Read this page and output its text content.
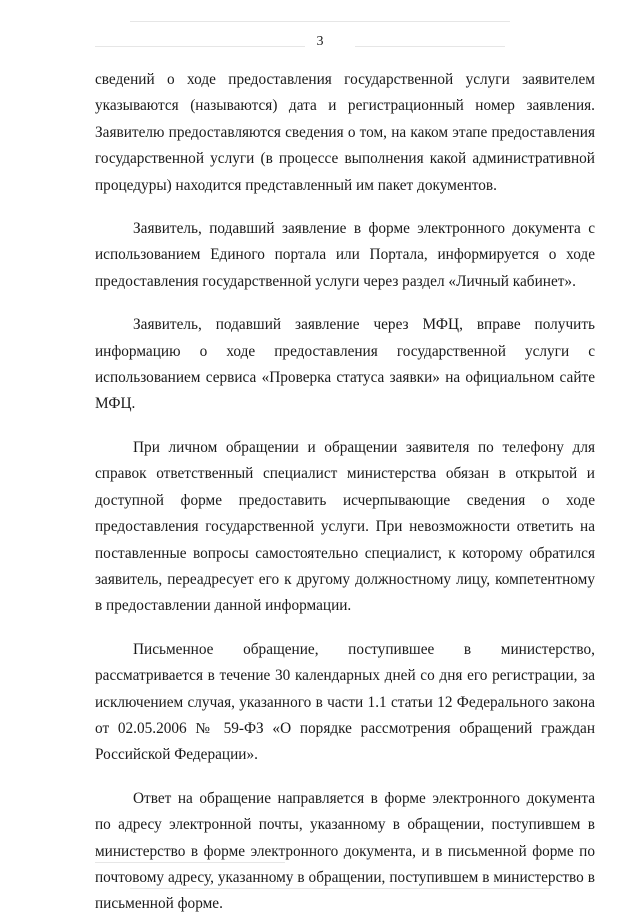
3

сведений о ходе предоставления государственной услуги заявителем указываются (называются) дата и регистрационный номер заявления. Заявителю предоставляются сведения о том, на каком этапе предоставления государственной услуги (в процессе выполнения какой административной процедуры) находится представленный им пакет документов.

Заявитель, подавший заявление в форме электронного документа с использованием Единого портала или Портала, информируется о ходе предоставления государственной услуги через раздел «Личный кабинет».

Заявитель, подавший заявление через МФЦ, вправе получить информацию о ходе предоставления государственной услуги с использованием сервиса «Проверка статуса заявки» на официальном сайте МФЦ.

При личном обращении и обращении заявителя по телефону для справок ответственный специалист министерства обязан в открытой и доступной форме предоставить исчерпывающие сведения о ходе предоставления государственной услуги. При невозможности ответить на поставленные вопросы самостоятельно специалист, к которому обратился заявитель, переадресует его к другому должностному лицу, компетентному в предоставлении данной информации.

Письменное обращение, поступившее в министерство, рассматривается в течение 30 календарных дней со дня его регистрации, за исключением случая, указанного в части 1.1 статьи 12 Федерального закона от 02.05.2006 № 59-ФЗ «О порядке рассмотрения обращений граждан Российской Федерации».

Ответ на обращение направляется в форме электронного документа по адресу электронной почты, указанному в обращении, поступившем в министерство в форме электронного документа, и в письменной форме по почтовому адресу, указанному в обращении, поступившем в министерство в письменной форме.
